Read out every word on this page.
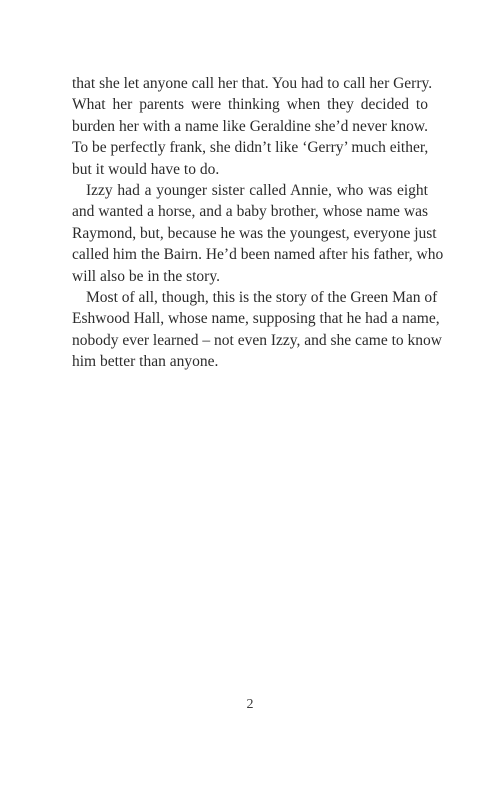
that she let anyone call her that. You had to call her Gerry.
What her parents were thinking when they decided to
burden her with a name like Geraldine she’d never know.
To be perfectly frank, she didn’t like ‘Gerry’ much either,
but it would have to do.

Izzy had a younger sister called Annie, who was eight
and wanted a horse, and a baby brother, whose name was
Raymond, but, because he was the youngest, everyone just
called him the Bairn. He’d been named after his father, who
will also be in the story.

Most of all, though, this is the story of the Green Man of
Eshwood Hall, whose name, supposing that he had a name,
nobody ever learned – not even Izzy, and she came to know
him better than anyone.

2
